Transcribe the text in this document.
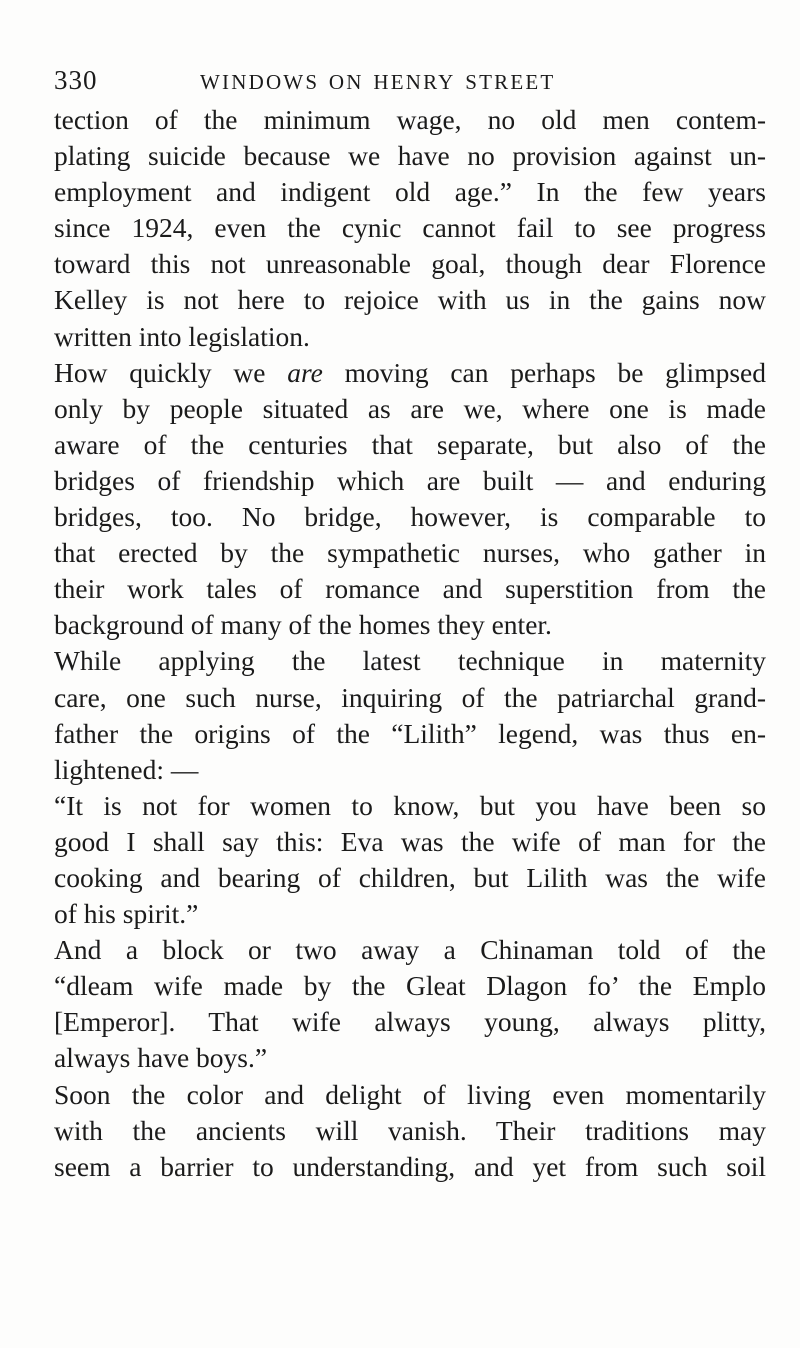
330	windows on henry street
tection of the minimum wage, no old men contem-
plating suicide because we have no provision against un-
employment and indigent old age.” In the few years
since 1924, even the cynic cannot fail to see progress
toward this not unreasonable goal, though dear Florence
Kelley is not here to rejoice with us in the gains now
written into legislation.
How quickly we are moving can perhaps be glimpsed
only by people situated as are we, where one is made
aware of the centuries that separate, but also of the
bridges of friendship which are built — and enduring
bridges, too. No bridge, however, is comparable to
that erected by the sympathetic nurses, who gather in
their work tales of romance and superstition from the
background of many of the homes they enter.
While applying the latest technique in maternity
care, one such nurse, inquiring of the patriarchal grand-
father the origins of the “Lilith” legend, was thus en-
lightened: —
“It is not for women to know, but you have been so
good I shall say this: Eva was the wife of man for the
cooking and bearing of children, but Lilith was the wife
of his spirit.”
And a block or two away a Chinaman told of the
“dleam wife made by the Gleat Dlagon fo’ the Emplo
[Emperor]. That wife always young, always plitty,
always have boys.”
Soon the color and delight of living even momentarily
with the ancients will vanish. Their traditions may
seem a barrier to understanding, and yet from such soil
